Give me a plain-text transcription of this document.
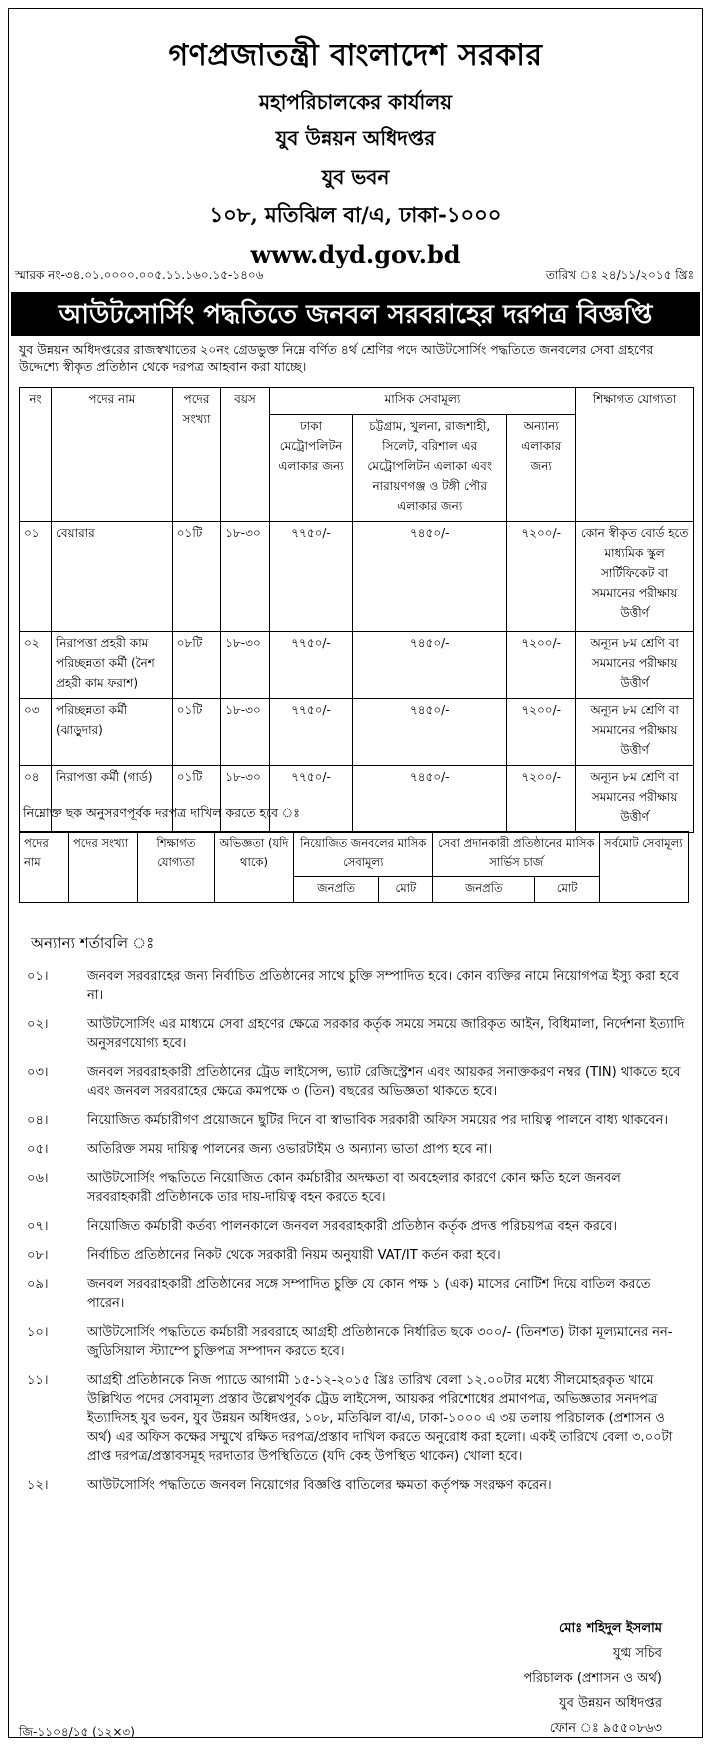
গণপ্রজাতন্ত্রী বাংলাদেশ সরকার
মহাপরিচালকের কার্যালয়
যুব উন্নয়ন অধিদপ্তর
যুব ভবন
১০৮, মতিঝিল বা/এ, ঢাকা-১০০০
www.dyd.gov.bd
স্মারক নং-৩৪.০১.০০০০.০০৫.১১.১৬০.১৫-১৪০৬	তারিখ ঃ ২৪/১১/২০১৫ খ্রিঃ
আউটসোর্সিং পদ্ধতিতে জনবল সরবরাহের দরপত্র বিজ্ঞপ্তি
যুব উন্নয়ন অধিদপ্তরের রাজস্বখাতের ২০নং গ্রেডভুক্ত নিম্নে বর্ণিত ৪র্থ শ্রেণির পদে আউটসোর্সিং পদ্ধতিতে জনবলের সেবা গ্রহণের উদ্দেশ্যে স্বীকৃত প্রতিষ্ঠান থেকে দরপত্র আহবান করা যাচ্ছে।
নং	পদের নাম	পদের সংখ্যা	বয়স	মাসিক সেবামূল্য			শিক্ষাগত যোগ্যতা
				ঢাকা মেট্রোপলিটন এলাকার জন্য	চট্টগ্রাম, খুলনা, রাজশাহী, সিলেট, বরিশাল এর মেট্রোপলিটন এলাকা এবং নারায়ণগঞ্জ ও টঙ্গী পৌর এলাকার জন্য	অন্যান্য এলাকার জন্য	
০১	বেয়ারার	০১টি	১৮-৩০	৭৭৫০/-	৭৪৫০/-	৭২০০/-	কোন স্বীকৃত বোর্ড হতে মাধ্যমিক স্কুল সার্টিফিকেট বা সমমানের পরীক্ষায় উত্তীর্ণ
০২	নিরাপত্তা প্রহরী কাম পরিচ্ছন্নতা কর্মী (নৈশ প্রহরী কাম ফরাশ)	০৮টি	১৮-৩০	৭৭৫০/-	৭৪৫০/-	৭২০০/-	অন্যূন ৮ম শ্রেণি বা সমমানের পরীক্ষায় উত্তীর্ণ
০৩	পরিচ্ছন্নতা কর্মী (ঝাড়ুদার)	০১টি	১৮-৩০	৭৭৫০/-	৭৪৫০/-	৭২০০/-	অন্যূন ৮ম শ্রেণি বা সমমানের পরীক্ষায় উত্তীর্ণ
০৪	নিরাপত্তা কর্মী (গার্ড)	০১টি	১৮-৩০	৭৭৫০/-	৭৪৫০/-	৭২০০/-	অন্যূন ৮ম শ্রেণি বা সমমানের পরীক্ষায় উত্তীর্ণ
নিম্নোক্ত ছক অনুসরণপূর্বক দরপত্র দাখিল করতে হবে ঃ
পদের নাম	পদের সংখ্যা	শিক্ষাগত যোগ্যতা	অভিজ্ঞতা (যদি থাকে)	নিয়োজিত জনবলের মাসিক সেবামূল্য		সেবা প্রদানকারী প্রতিষ্ঠানের মাসিক সার্ভিস চার্জ		সর্বমোট সেবামূল্য
				জনপ্রতি	মোট	জনপ্রতি	মোট	
অন্যান্য শর্তাবলি ঃ
০১।	জনবল সরবরাহের জন্য নির্বাচিত প্রতিষ্ঠানের সাথে চুক্তি সম্পাদিত হবে। কোন ব্যক্তির নামে নিয়োগপত্র ইস্যু করা হবে না।
০২।	আউটসোর্সিং এর মাধ্যমে সেবা গ্রহণের ক্ষেত্রে সরকার কর্তৃক সময়ে সময়ে জারিকৃত আইন, বিধিমালা, নির্দেশনা ইত্যাদি অনুসরণযোগ্য হবে।
০৩।	জনবল সরবরাহকারী প্রতিষ্ঠানের ট্রেড লাইসেন্স, ভ্যাট রেজিস্ট্রেশন এবং আয়কর সনাক্তকরণ নম্বর (TIN) থাকতে হবে এবং জনবল সরবরাহের ক্ষেত্রে কমপক্ষে ৩ (তিন) বছরের অভিজ্ঞতা থাকতে হবে।
০৪।	নিয়োজিত কর্মচারীগণ প্রয়োজনে ছুটির দিনে বা স্বাভাবিক সরকারী অফিস সময়ের পর দায়িত্ব পালনে বাধ্য থাকবেন।
০৫।	অতিরিক্ত সময় দায়িত্ব পালনের জন্য ওভারটাইম ও অন্যান্য ভাতা প্রাপ্য হবে না।
০৬।	আউটসোর্সিং পদ্ধতিতে নিয়োজিত কোন কর্মচারীর অদক্ষতা বা অবহেলার কারণে কোন ক্ষতি হলে জনবল সরবরাহকারী প্রতিষ্ঠানকে তার দায়-দায়িত্ব বহন করতে হবে।
০৭।	নিয়োজিত কর্মচারী কর্তব্য পালনকালে জনবল সরবরাহকারী প্রতিষ্ঠান কর্তৃক প্রদত্ত পরিচয়পত্র বহন করবে।
০৮।	নির্বাচিত প্রতিষ্ঠানের নিকট থেকে সরকারী নিয়ম অনুযায়ী VAT/IT কর্তন করা হবে।
০৯।	জনবল সরবরাহকারী প্রতিষ্ঠানের সঙ্গে সম্পাদিত চুক্তি যে কোন পক্ষ ১ (এক) মাসের নোটিশ দিয়ে বাতিল করতে পারেন।
১০।	আউটসোর্সিং পদ্ধতিতে কর্মচারী সরবরাহে আগ্রহী প্রতিষ্ঠানকে নির্ধারিত ছকে ৩০০/- (তিনশত) টাকা মূল্যমানের নন-জুডিসিয়াল স্ট্যাম্পে চুক্তিপত্র সম্পাদন করতে হবে।
১১।	আগ্রহী প্রতিষ্ঠানকে নিজ প্যাডে আগামী ১৫-১২-২০১৫ খ্রিঃ তারিখ বেলা ১২.০০টার মধ্যে সীলমোহরকৃত খামে উল্লিখিত পদের সেবামূল্য প্রস্তাব উল্লেখপূর্বক ট্রেড লাইসেন্স, আয়কর পরিশোধের প্রমাণপত্র, অভিজ্ঞতার সনদপত্র ইত্যাদিসহ যুব ভবন, যুব উন্নয়ন অধিদপ্তর, ১০৮, মতিঝিল বা/এ, ঢাকা-১০০০ এ ৩য় তলায় পরিচালক (প্রশাসন ও অর্থ) এর অফিস কক্ষের সম্মুখে রক্ষিত দরপত্র/প্রস্তাব দাখিল করতে অনুরোধ করা হলো। একই তারিখে বেলা ৩.০০টা প্রাপ্ত দরপত্র/প্রস্তাবসমূহ দরদাতার উপস্থিতিতে (যদি কেহ উপস্থিত থাকেন) খোলা হবে।
১২।	আউটসোর্সিং পদ্ধতিতে জনবল নিয়োগের বিজ্ঞপ্তি বাতিলের ক্ষমতা কর্তৃপক্ষ সংরক্ষণ করেন।
মোঃ শহিদুল ইসলাম
যুগ্ম সচিব
পরিচালক (প্রশাসন ও অর্থ)
যুব উন্নয়ন অধিদপ্তর
ফোন ঃ ৯৫৫০৮৬৩
জি-১১০৪/১৫ (১২×৩)
